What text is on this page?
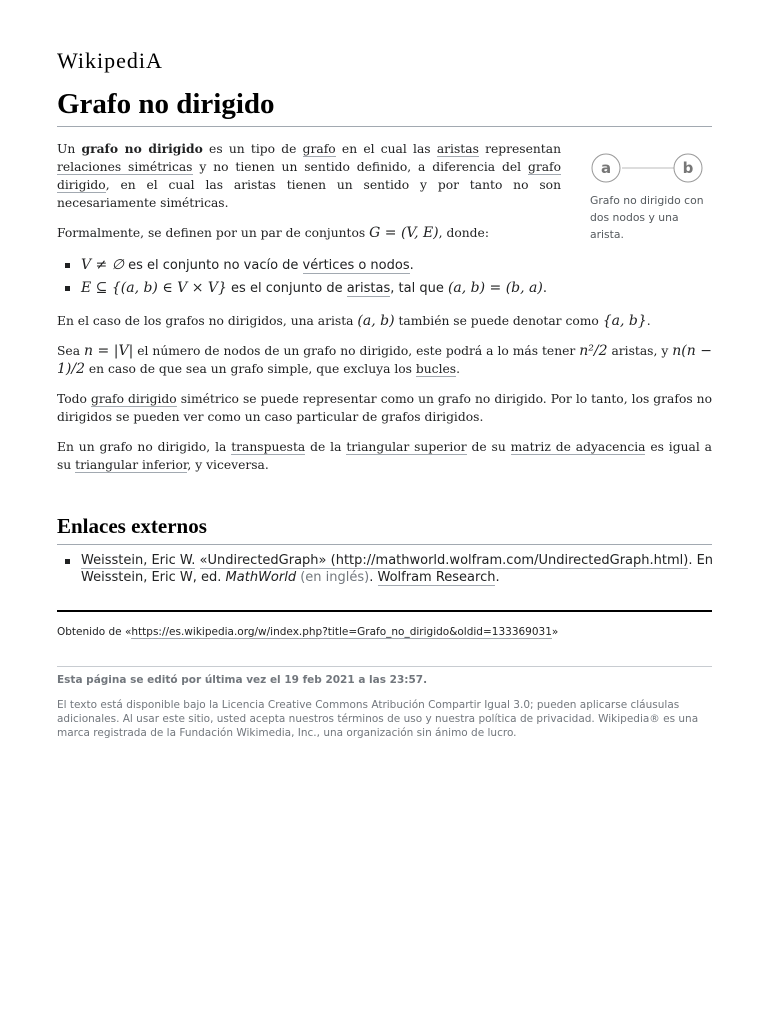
WikipediA
Grafo no dirigido
a	b
Grafo no dirigido con dos nodos y una arista.

Un grafo no dirigido es un tipo de grafo en el cual las aristas representan relaciones simétricas y no tienen un sentido definido, a diferencia del grafo dirigido, en el cual las aristas tienen un sentido y por tanto no son necesariamente simétricas.

Formalmente, se definen por un par de conjuntos G = (V, E), donde:

V ≠ ∅ es el conjunto no vacío de vértices o nodos.
E ⊆ {(a, b) ∈ V × V} es el conjunto de aristas, tal que (a, b) = (b, a).

En el caso de los grafos no dirigidos, una arista (a, b) también se puede denotar como {a, b}.

Sea n = |V| el número de nodos de un grafo no dirigido, este podrá a lo más tener n²/2 aristas, y n(n − 1)/2 en caso de que sea un grafo simple, que excluya los bucles.

Todo grafo dirigido simétrico se puede representar como un grafo no dirigido. Por lo tanto, los grafos no dirigidos se pueden ver como un caso particular de grafos dirigidos.

En un grafo no dirigido, la transpuesta de la triangular superior de su matriz de adyacencia es igual a su triangular inferior, y viceversa.

Enlaces externos
Weisstein, Eric W. «UndirectedGraph» (http://mathworld.wolfram.com/UndirectedGraph.html). En Weisstein, Eric W, ed. MathWorld (en inglés). Wolfram Research.
Obtenido de «https://es.wikipedia.org/w/index.php?title=Grafo_no_dirigido&oldid=133369031»
Esta página se editó por última vez el 19 feb 2021 a las 23:57.
El texto está disponible bajo la Licencia Creative Commons Atribución Compartir Igual 3.0; pueden aplicarse cláusulas adicionales. Al usar este sitio, usted acepta nuestros términos de uso y nuestra política de privacidad. Wikipedia® es una marca registrada de la Fundación Wikimedia, Inc., una organización sin ánimo de lucro.
